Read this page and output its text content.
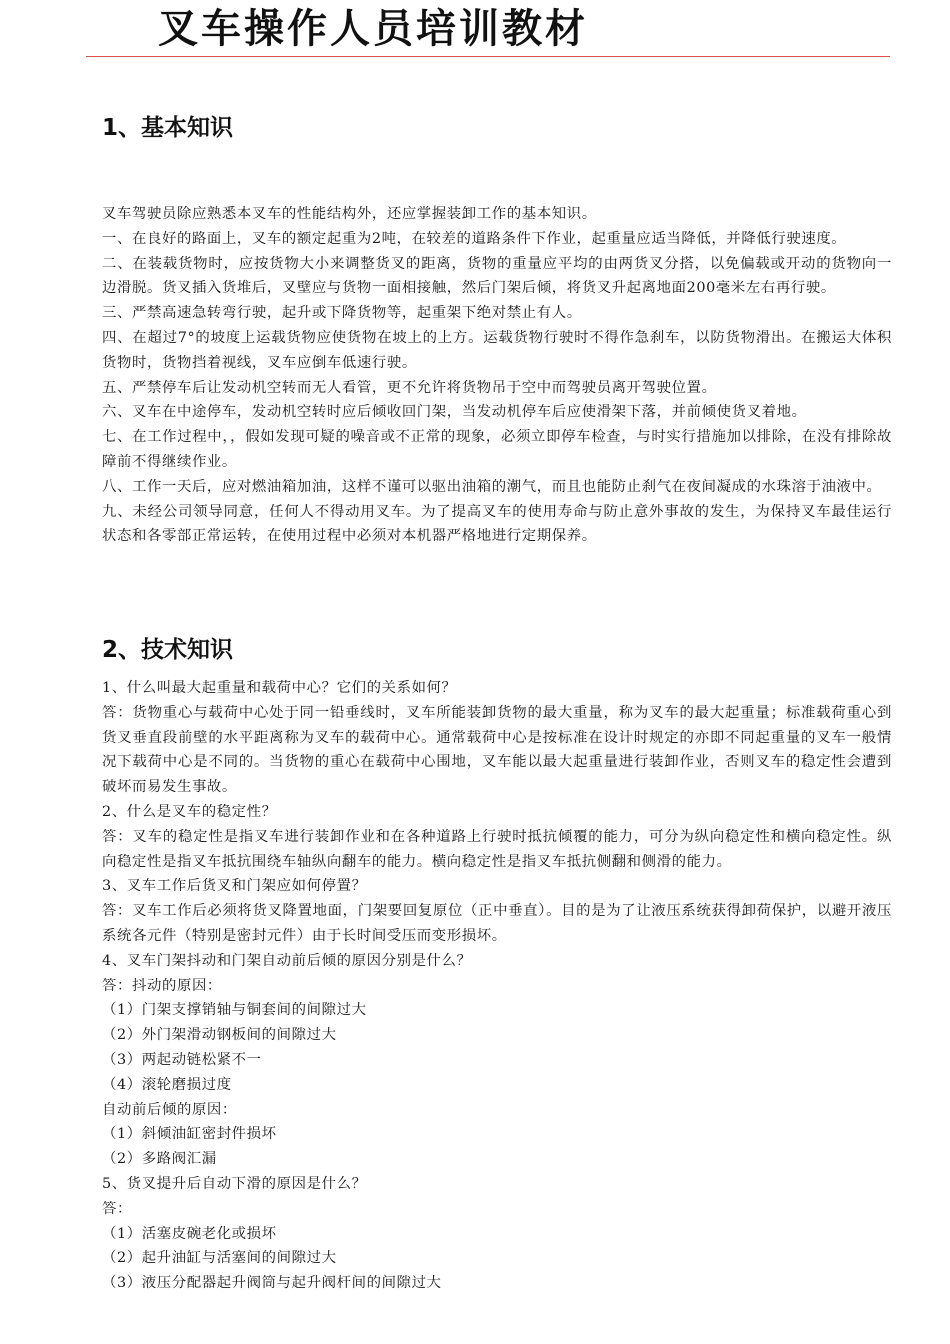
叉车操作人员培训教材
1、基本知识

叉车驾驶员除应熟悉本叉车的性能结构外，还应掌握装卸工作的基本知识。

一、在良好的路面上，叉车的额定起重为2吨，在较差的道路条件下作业，起重量应适当降低，并降低行驶速度。

二、在装载货物时，应按货物大小来调整货叉的距离，货物的重量应平均的由两货叉分搭，以免偏载或开动的货物向一边滑脱。货叉插入货堆后，叉壁应与货物一面相接触，然后门架后倾，将货叉升起离地面200毫米左右再行驶。

三、严禁高速急转弯行驶，起升或下降货物等，起重架下绝对禁止有人。

四、在超过7°的坡度上运载货物应使货物在坡上的上方。运载货物行驶时不得作急刹车，以防货物滑出。在搬运大体积货物时，货物挡着视线，叉车应倒车低速行驶。

五、严禁停车后让发动机空转而无人看管，更不允许将货物吊于空中而驾驶员离开驾驶位置。

六、叉车在中途停车，发动机空转时应后倾收回门架，当发动机停车后应使滑架下落，并前倾使货叉着地。

七、在工作过程中，，假如发现可疑的噪音或不正常的现象，必须立即停车检查，与时实行措施加以排除，在没有排除故障前不得继续作业。

八、工作一天后，应对燃油箱加油，这样不谨可以驱出油箱的潮气，而且也能防止刹气在夜间凝成的水珠溶于油液中。

九、未经公司领导同意，任何人不得动用叉车。为了提高叉车的使用寿命与防止意外事故的发生，为保持叉车最佳运行状态和各零部正常运转，在使用过程中必须对本机器严格地进行定期保养。

2、技术知识

1、什么叫最大起重量和载荷中心？它们的关系如何？

答：货物重心与载荷中心处于同一铅垂线时，叉车所能装卸货物的最大重量，称为叉车的最大起重量；标准载荷重心到货叉垂直段前壁的水平距离称为叉车的载荷中心。通常载荷中心是按标准在设计时规定的亦即不同起重量的叉车一般情况下载荷中心是不同的。当货物的重心在载荷中心围地，叉车能以最大起重量进行装卸作业，否则叉车的稳定性会遭到破坏而易发生事故。

2、什么是叉车的稳定性？

答：叉车的稳定性是指叉车进行装卸作业和在各种道路上行驶时抵抗倾覆的能力，可分为纵向稳定性和横向稳定性。纵向稳定性是指叉车抵抗围绕车轴纵向翻车的能力。横向稳定性是指叉车抵抗侧翻和侧滑的能力。

3、叉车工作后货叉和门架应如何停置？

答：叉车工作后必须将货叉降置地面，门架要回复原位（正中垂直）。目的是为了让液压系统获得卸荷保护，以避开液压系统各元件（特别是密封元件）由于长时间受压而变形损坏。

4、叉车门架抖动和门架自动前后倾的原因分别是什么？

答：抖动的原因：

（1）门架支撑销轴与铜套间的间隙过大

（2）外门架滑动钢板间的间隙过大

（3）两起动链松紧不一

（4）滚轮磨损过度

自动前后倾的原因：

（1）斜倾油缸密封件损坏

（2）多路阀汇漏

5、货叉提升后自动下滑的原因是什么？

答：

（1）活塞皮碗老化或损坏

（2）起升油缸与活塞间的间隙过大

（3）液压分配器起升阀筒与起升阀杆间的间隙过大
